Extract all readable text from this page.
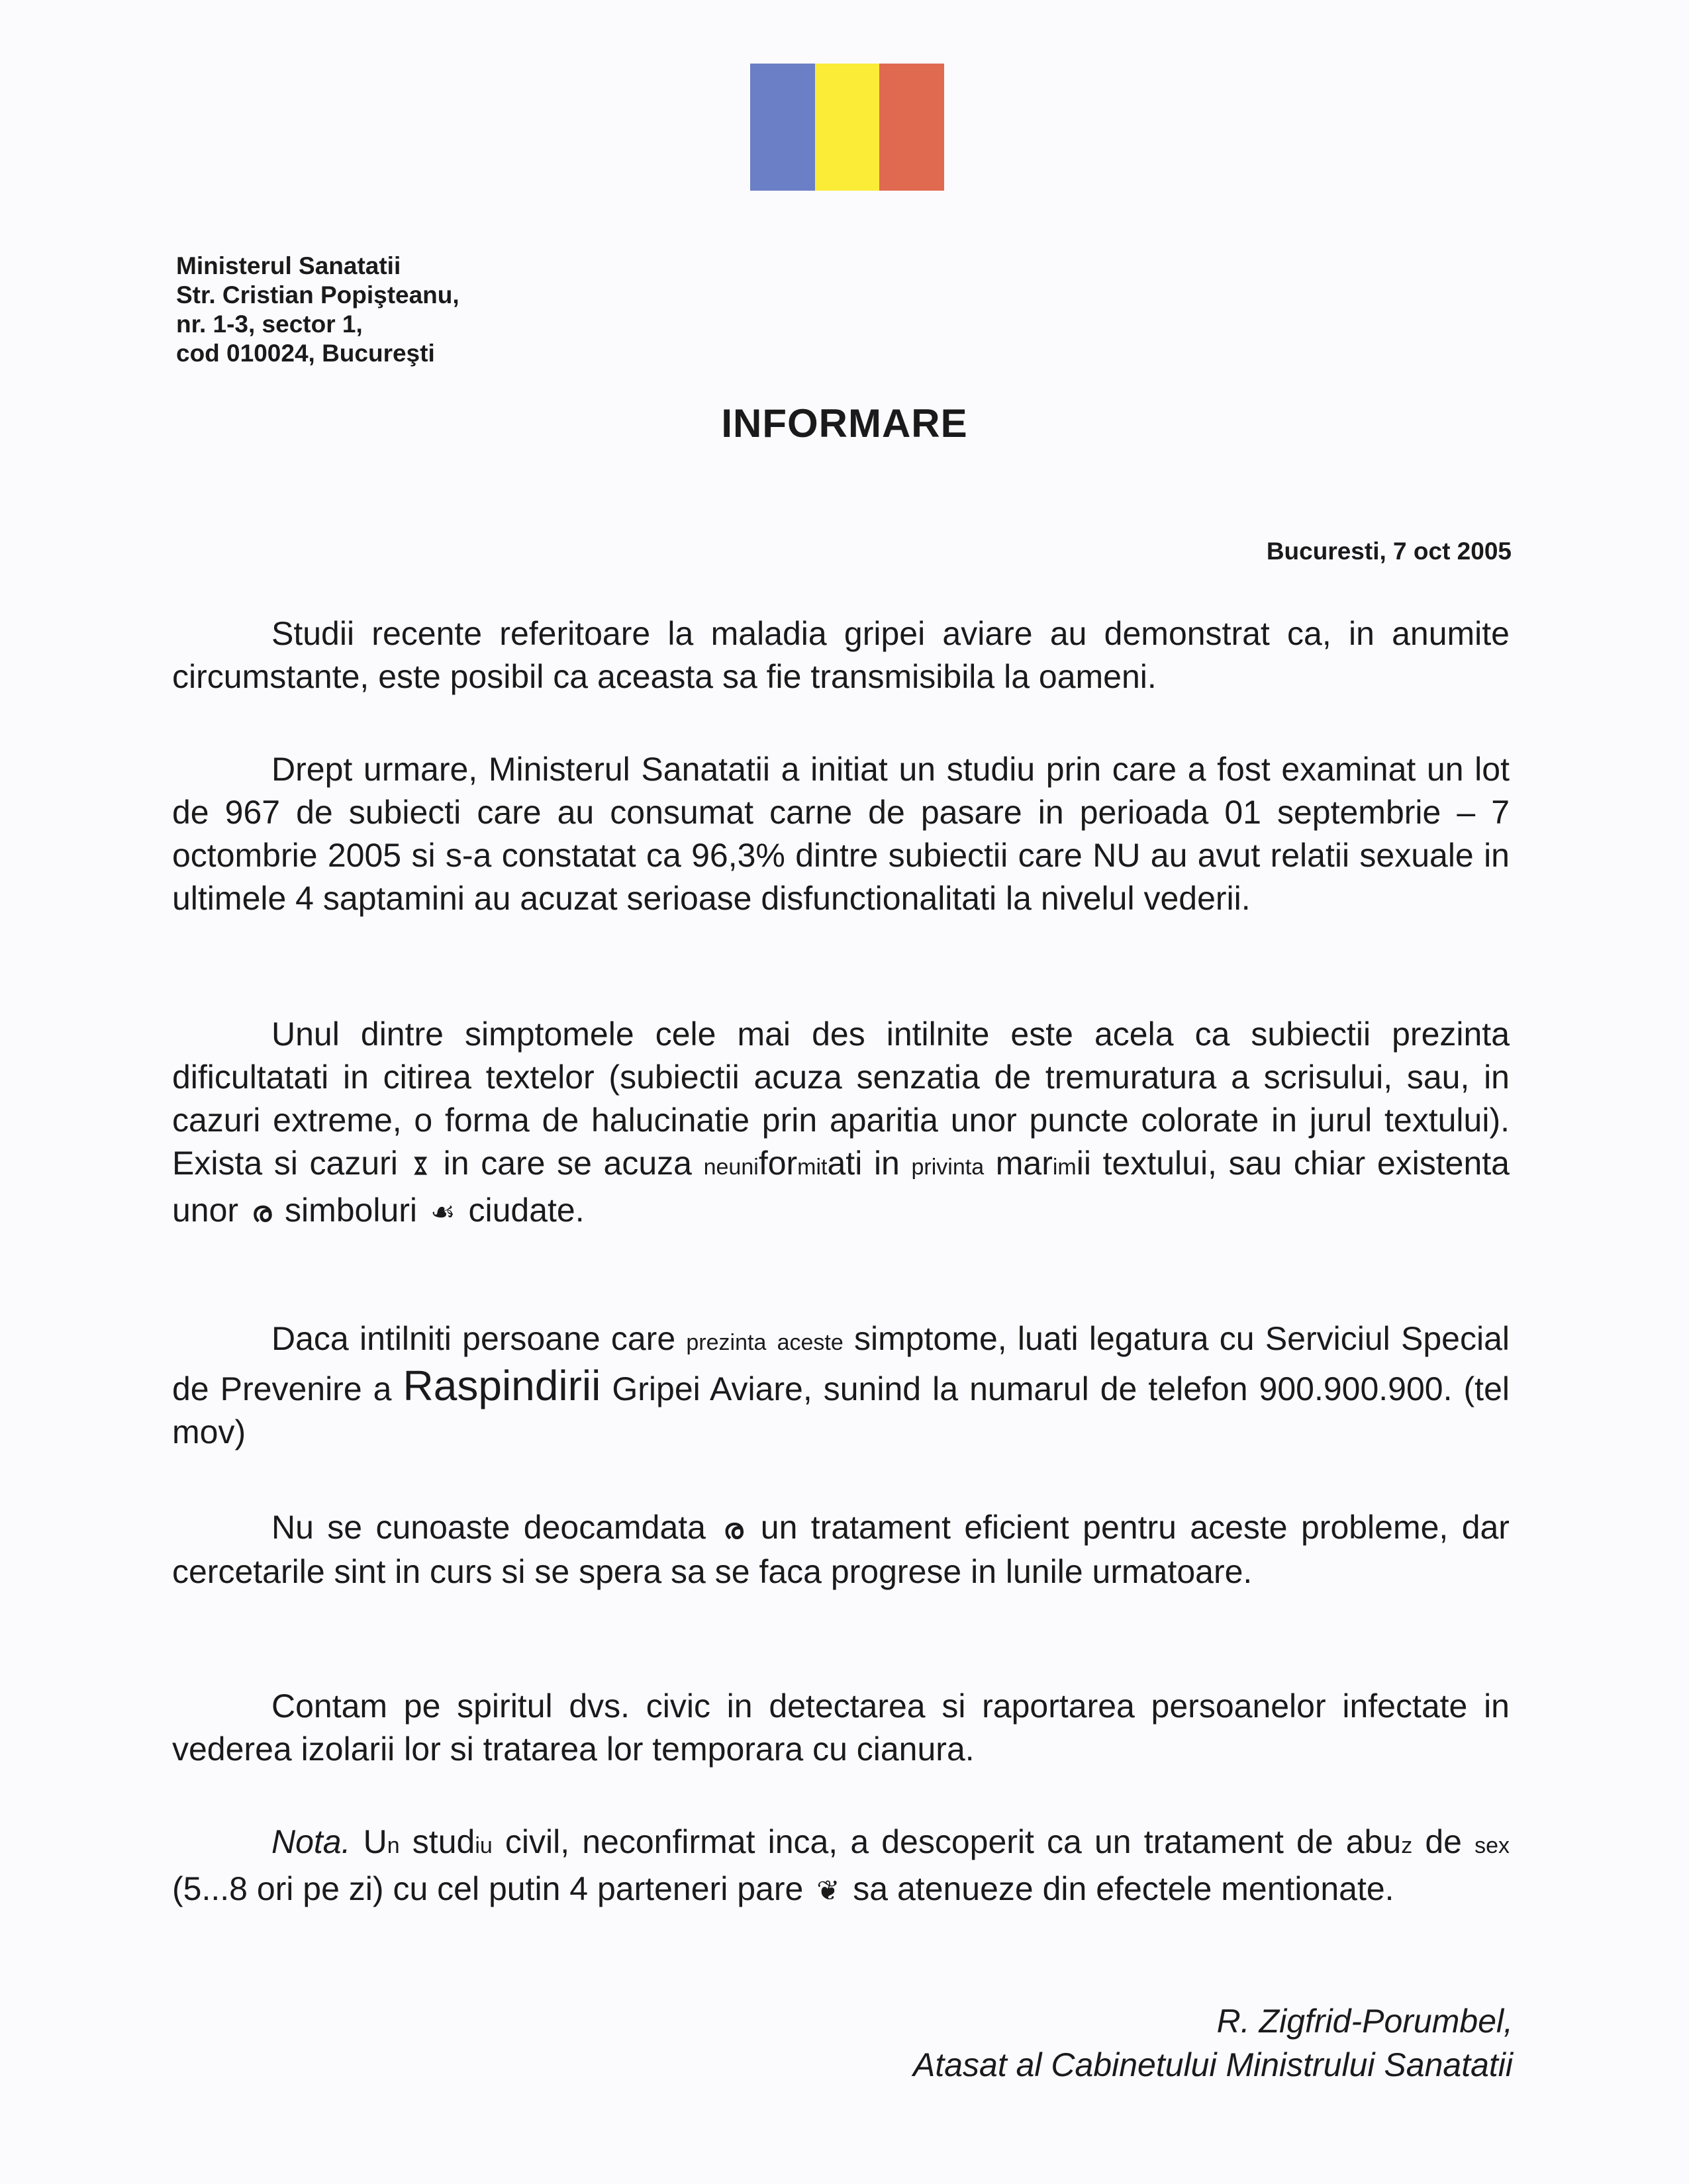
Ministerul Sanatatii
Str. Cristian Popişteanu,
nr. 1-3, sector 1,
cod 010024, Bucureşti
INFORMARE
Bucuresti, 7 oct 2005
Studii recente referitoare la maladia gripei aviare au demonstrat ca, in anumite circumstante, este posibil ca aceasta sa fie transmisibila la oameni.
Drept urmare, Ministerul Sanatatii a initiat un studiu prin care a fost examinat un lot de 967 de subiecti care au consumat carne de pasare in perioada 01 septembrie – 7 octombrie 2005 si s-a constatat ca 96,3% dintre subiectii care NU au avut relatii sexuale in ultimele 4 saptamini au acuzat serioase disfunctionalitati la nivelul vederii.
Unul dintre simptomele cele mai des intilnite este acela ca subiectii prezinta dificultatati in citirea textelor (subiectii acuza senzatia de tremuratura a scrisului, sau, in cazuri extreme, o forma de halucinatie prin aparitia unor puncte colorate in jurul textului). Exista si cazuri ೱ in care se acuza neuniformitati in privinta marimii textului, sau chiar existenta unor ര simboluri ☙ ciudate.
Daca intilniti persoane care prezinta aceste simptome, luati legatura cu Serviciul Special de Prevenire a Raspindirii Gripei Aviare, sunind la numarul de telefon 900.900.900. (tel mov)
Nu se cunoaste deocamdata ര un tratament eficient pentru aceste probleme, dar cercetarile sint in curs si se spera sa se faca progrese in lunile urmatoare.
Contam pe spiritul dvs. civic in detectarea si raportarea persoanelor infectate in vederea izolarii lor si tratarea lor temporara cu cianura.
Nota. Un studiu civil, neconfirmat inca, a descoperit ca un tratament de abuz de sex (5...8 ori pe zi) cu cel putin 4 parteneri pare ❦ sa atenueze din efectele mentionate.
R. Zigfrid-Porumbel,
Atasat al Cabinetului Ministrului Sanatatii
